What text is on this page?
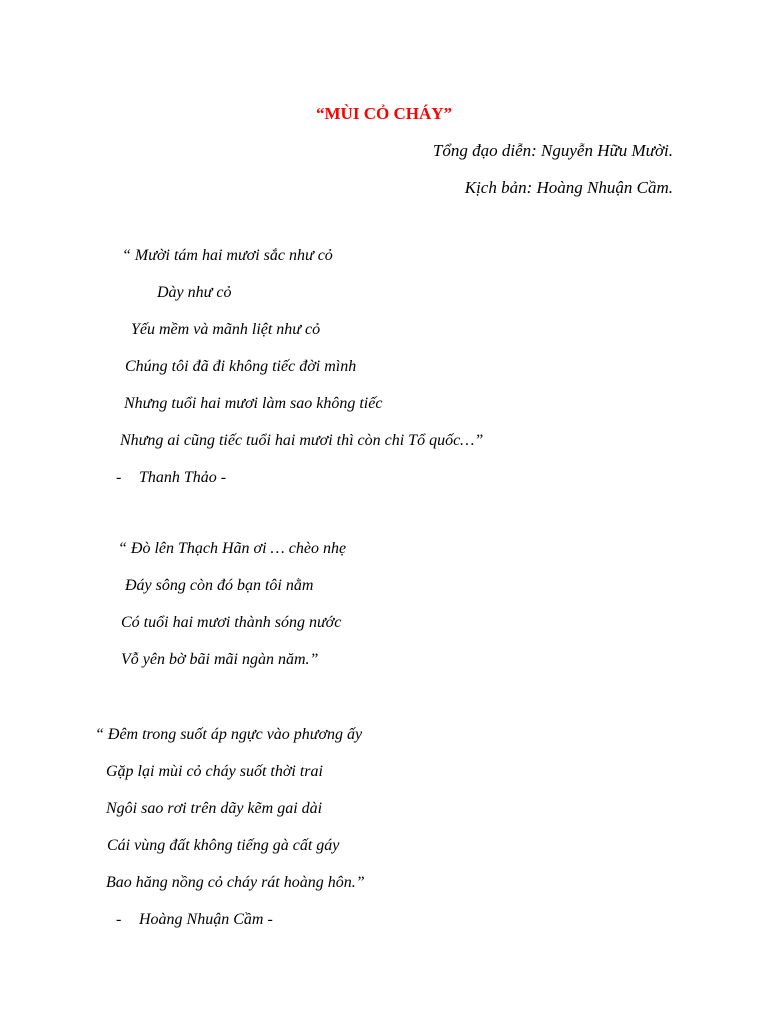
“MÙI CỎ CHÁY”
Tổng đạo diễn: Nguyễn Hữu Mười.
Kịch bản: Hoàng Nhuận Cầm.
“ Mười tám hai mươi sắc như cỏ
Dày như cỏ
Yếu mềm và mãnh liệt như cỏ
Chúng tôi đã đi không tiếc đời mình
Nhưng tuổi hai mươi làm sao không tiếc
Nhưng ai cũng tiếc tuổi hai mươi thì còn chi Tổ quốc…”
- Thanh Thảo -
“ Đò lên Thạch Hãn ơi … chèo nhẹ
Đáy sông còn đó bạn tôi nằm
Có tuổi hai mươi thành sóng nước
Vỗ yên bờ bãi mãi ngàn năm.”
“ Đêm trong suốt áp ngực vào phương ấy
Gặp lại mùi cỏ cháy suốt thời trai
Ngôi sao rơi trên dãy kẽm gai dài
Cái vùng đất không tiếng gà cất gáy
Bao hăng nồng cỏ cháy rát hoàng hôn.”
- Hoàng Nhuận Cầm -
